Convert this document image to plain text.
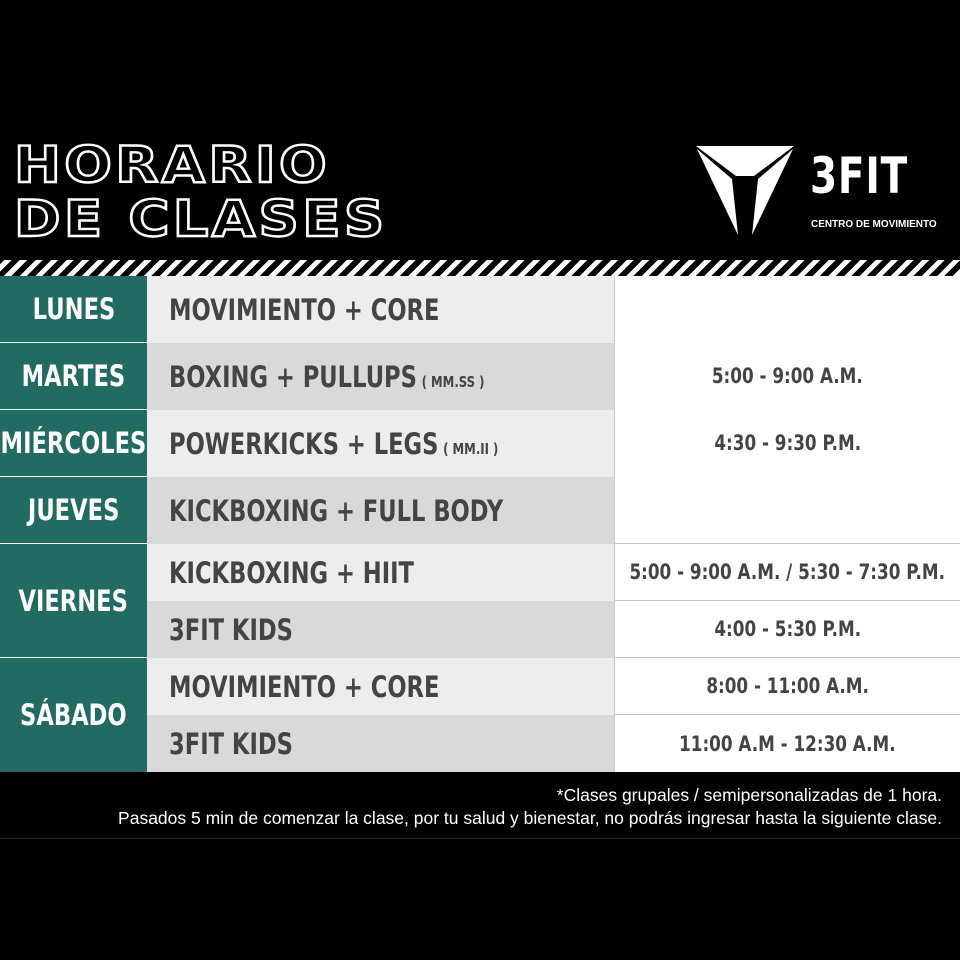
HORARIO
DE CLASES
3FIT
CENTRO DE MOVIMIENTO
LUNES
MARTES
MIÉRCOLES
JUEVES
VIERNES
SÁBADO
MOVIMIENTO + CORE
BOXING + PULLUPS ( MM.SS )
POWERKICKS + LEGS ( MM.II )
KICKBOXING + FULL BODY
KICKBOXING + HIIT
3FIT KIDS
MOVIMIENTO + CORE
3FIT KIDS
5:00 - 9:00 A.M.
4:30 - 9:30 P.M.
5:00 - 9:00 A.M. / 5:30 - 7:30 P.M.
4:00 - 5:30 P.M.
8:00 - 11:00 A.M.
11:00 A.M - 12:30 A.M.

*Clases grupales / semipersonalizadas de 1 hora.

Pasados 5 min de comenzar la clase, por tu salud y bienestar, no podrás ingresar hasta la siguiente clase.
